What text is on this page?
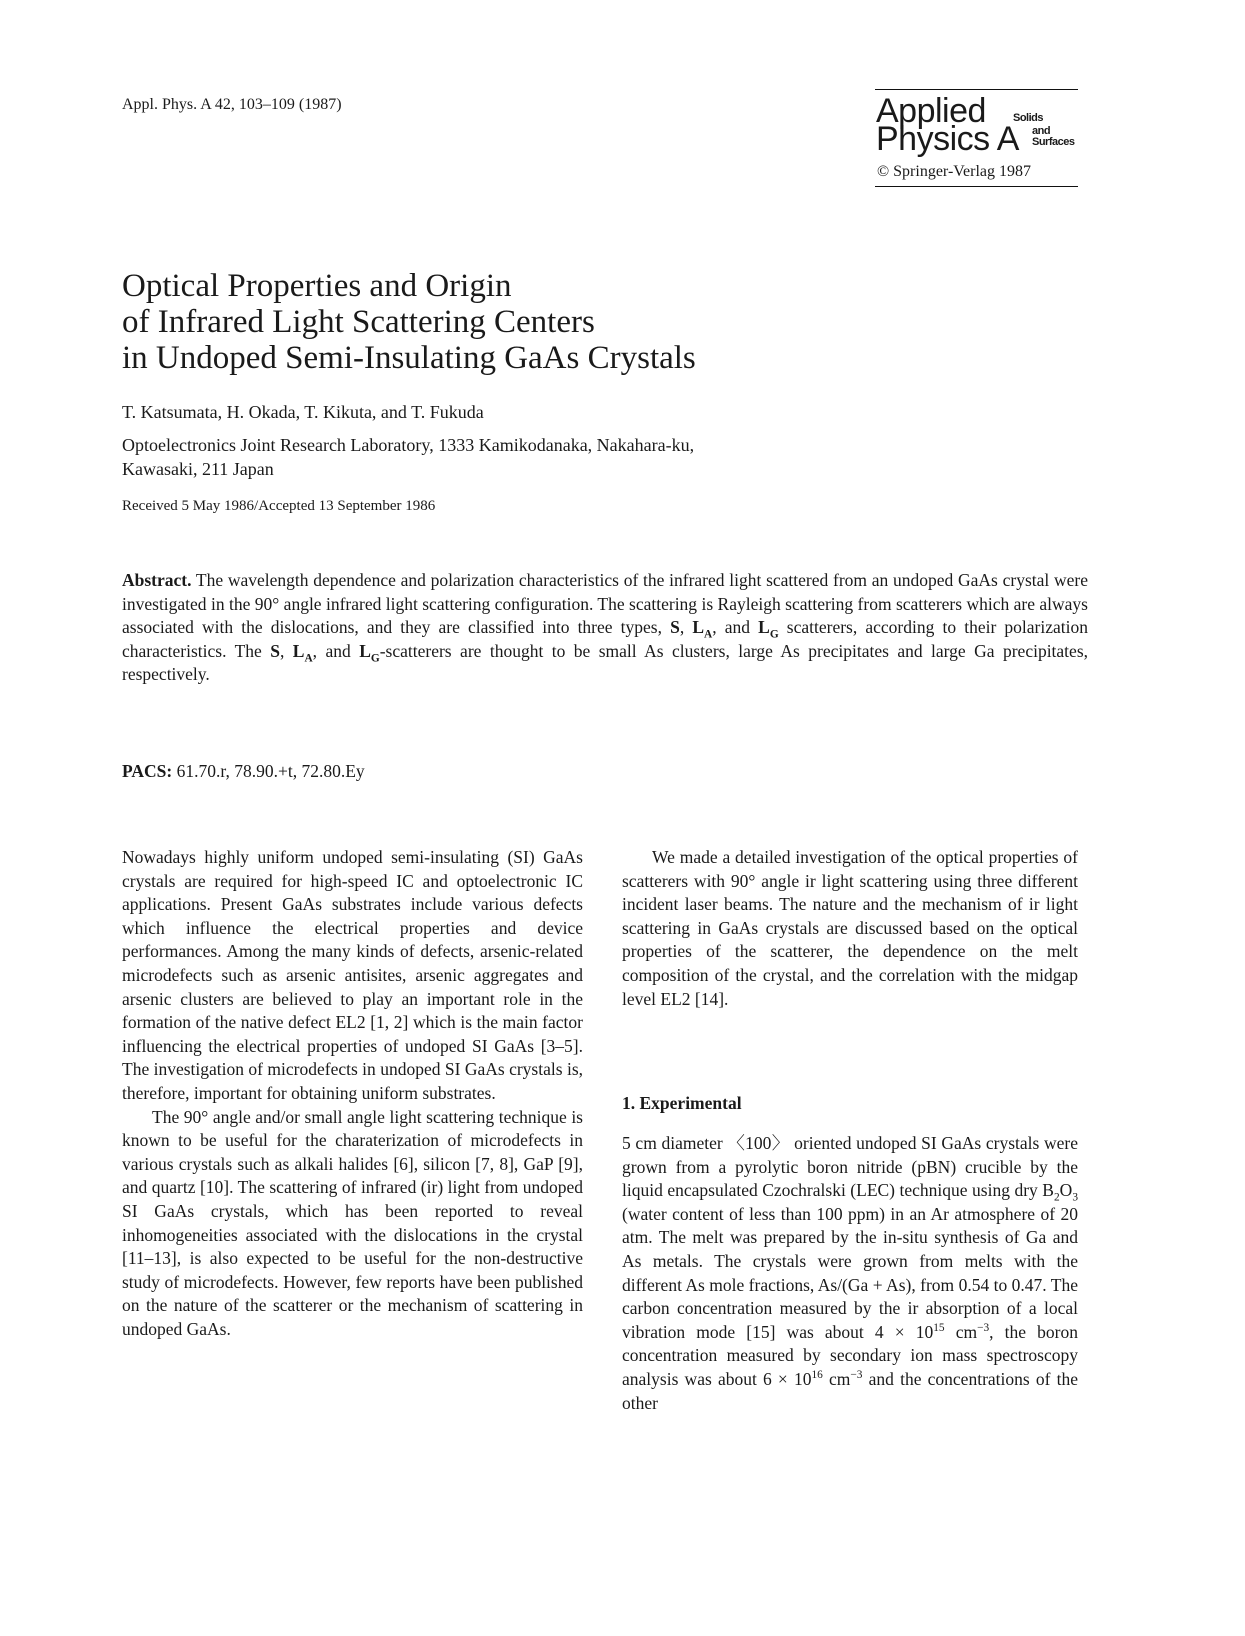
Appl. Phys. A 42, 103–109 (1987)	Applied Solids
Physics A and
Surfaces
© Springer-Verlag 1987
Optical Properties and Origin
of Infrared Light Scattering Centers
in Undoped Semi-Insulating GaAs Crystals
T. Katsumata, H. Okada, T. Kikuta, and T. Fukuda
Optoelectronics Joint Research Laboratory, 1333 Kamikodanaka, Nakahara-ku,
Kawasaki, 211 Japan
Received 5 May 1986/Accepted 13 September 1986
Abstract. The wavelength dependence and polarization characteristics of the infrared light scattered from an undoped GaAs crystal were investigated in the 90° angle infrared light scattering configuration. The scattering is Rayleigh scattering from scatterers which are always associated with the dislocations, and they are classified into three types, S, $L_A$, and $L_G$ scatterers, according to their polarization characteristics. The S, $L_A$, and $L_G$-scatterers are thought to be small As clusters, large As precipitates and large Ga precipitates, respectively.
PACS: 61.70.r, 78.90.+t, 72.80.Ey

Nowadays highly uniform undoped semi-insulating (SI) GaAs crystals are required for high-speed IC and optoelectronic IC applications. Present GaAs substrates include various defects which influence the electrical properties and device performances. Among the many kinds of defects, arsenic-related microdefects such as arsenic antisites, arsenic aggregates and arsenic clusters are believed to play an important role in the formation of the native defect EL2 [1, 2] which is the main factor influencing the electrical properties of undoped SI GaAs [3–5]. The investigation of microdefects in undoped SI GaAs crystals is, therefore, important for obtaining uniform substrates.

The 90° angle and/or small angle light scattering technique is known to be useful for the charaterization of microdefects in various crystals such as alkali halides [6], silicon [7, 8], GaP [9], and quartz [10]. The scattering of infrared (ir) light from undoped SI GaAs crystals, which has been reported to reveal inhomogeneities associated with the dislocations in the crystal [11–13], is also expected to be useful for the non-destructive study of microdefects. However, few reports have been published on the nature of the scatterer or the mechanism of scattering in undoped GaAs.

We made a detailed investigation of the optical properties of scatterers with 90° angle ir light scattering using three different incident laser beams. The nature and the mechanism of ir light scattering in GaAs crystals are discussed based on the optical properties of the scatterer, the dependence on the melt composition of the crystal, and the correlation with the midgap level EL2 [14].

1. Experimental
5 cm diameter 〈100〉 oriented undoped SI GaAs crystals were grown from a pyrolytic boron nitride (pBN) crucible by the liquid encapsulated Czochralski (LEC) technique using dry $B_2O_3$ (water content of less than 100 ppm) in an Ar atmosphere of 20 atm. The melt was prepared by the in-situ synthesis of Ga and As metals. The crystals were grown from melts with the different As mole fractions, As/(Ga + As), from 0.54 to 0.47. The carbon concentration measured by the ir absorption of a local vibration mode [15] was about $4 \times 10^{15}$ $cm^{-3}$, the boron concentration measured by secondary ion mass spectroscopy analysis was about $6 \times 10^{16}$ $cm^{-3}$ and the concentrations of the other
